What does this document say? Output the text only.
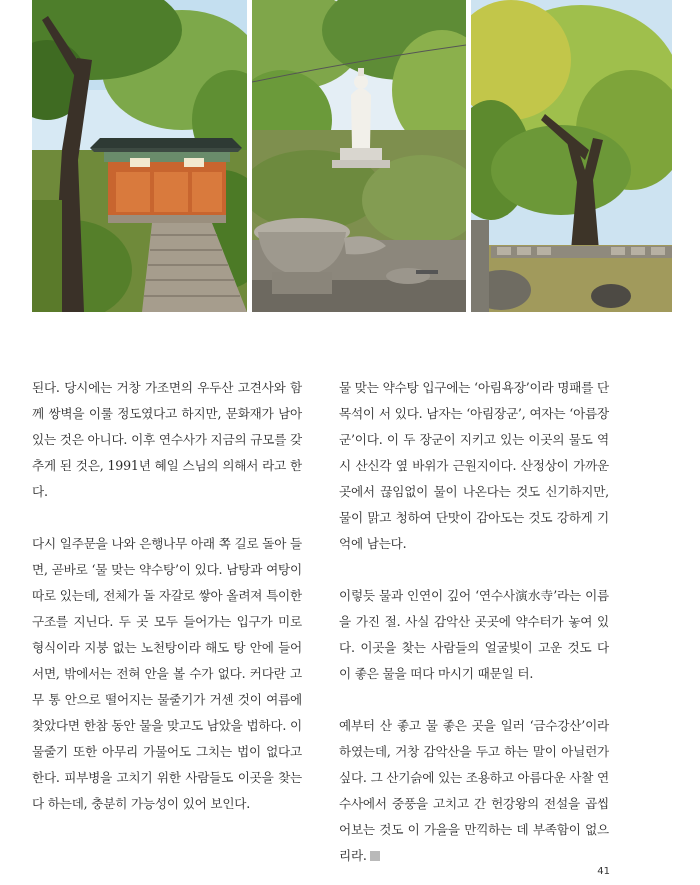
된다. 당시에는 거창 가조면의 우두산 고견사와 함께 쌍벽을 이룰 정도였다고 하지만, 문화재가 남아 있는 것은 아니다. 이후 연수사가 지금의 규모를 갖추게 된 것은, 1991년 혜일 스님의 의해서 라고 한다.

다시 일주문을 나와 은행나무 아래 쪽 길로 돌아 들면, 곧바로 ‘물 맞는 약수탕’이 있다. 남탕과 여탕이 따로 있는데, 전체가 돌 자갈로 쌓아 올려져 특이한 구조를 지닌다. 두 곳 모두 들어가는 입구가 미로 형식이라 지붕 없는 노천탕이라 해도 탕 안에 들어서면, 밖에서는 전혀 안을 볼 수가 없다. 커다란 고무 통 안으로 떨어지는 물줄기가 거센 것이 여름에 찾았다면 한참 동안 물을 맞고도 남았을 법하다. 이 물줄기 또한 아무리 가물어도 그치는 법이 없다고 한다. 피부병을 고치기 위한 사람들도 이곳을 찾는다 하는데, 충분히 가능성이 있어 보인다.

물 맞는 약수탕 입구에는 ‘아림욕장’이라 명패를 단 목석이 서 있다. 남자는 ‘아림장군’, 여자는 ‘아름장군’이다. 이 두 장군이 지키고 있는 이곳의 물도 역시 산신각 옆 바위가 근원지이다. 산정상이 가까운 곳에서 끊임없이 물이 나온다는 것도 신기하지만, 물이 맑고 청하여 단맛이 감아도는 것도 강하게 기억에 남는다.

이렇듯 물과 인연이 깊어 ‘연수사演水寺’라는 이름을 가진 절. 사실 감악산 곳곳에 약수터가 놓여 있다. 이곳을 찾는 사람들의 얼굴빛이 고운 것도 다 이 좋은 물을 떠다 마시기 때문일 터.

예부터 산 좋고 물 좋은 곳을 일러 ‘금수강산’이라 하였는데, 거창 감악산을 두고 하는 말이 아닐런가 싶다. 그 산기슭에 있는 조용하고 아름다운 사찰 연수사에서 중풍을 고치고 간 헌강왕의 전설을 곱씹어보는 것도 이 가을을 만끽하는 데 부족함이 없으리라.

41
